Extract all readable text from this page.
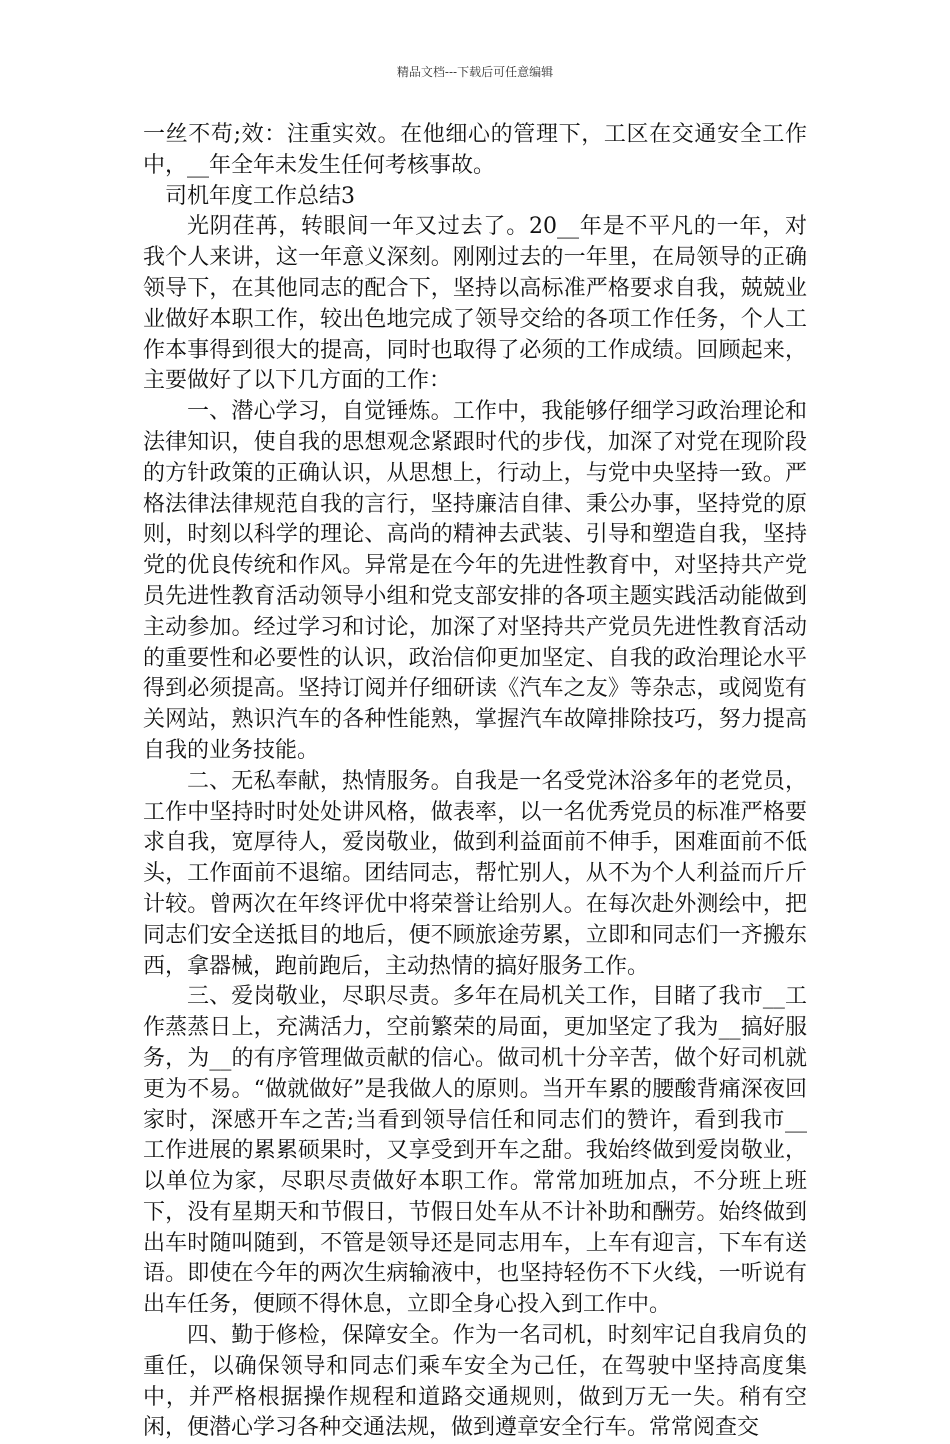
精品文档---下载后可任意编辑

一丝不苟;效：注重实效。在他细心的管理下，工区在交通安全工作中，__年全年未发生任何考核事故。

司机年度工作总结3

光阴荏苒，转眼间一年又过去了。20__年是不平凡的一年，对我个人来讲，这一年意义深刻。刚刚过去的一年里，在局领导的正确领导下，在其他同志的配合下，坚持以高标准严格要求自我，兢兢业业做好本职工作，较出色地完成了领导交给的各项工作任务，个人工作本事得到很大的提高，同时也取得了必须的工作成绩。回顾起来，主要做好了以下几方面的工作：

一、潜心学习，自觉锤炼。工作中，我能够仔细学习政治理论和法律知识，使自我的思想观念紧跟时代的步伐，加深了对党在现阶段的方针政策的正确认识，从思想上，行动上，与党中央坚持一致。严格法律法律规范自我的言行，坚持廉洁自律、秉公办事，坚持党的原则，时刻以科学的理论、高尚的精神去武装、引导和塑造自我，坚持党的优良传统和作风。异常是在今年的先进性教育中，对坚持共产党员先进性教育活动领导小组和党支部安排的各项主题实践活动能做到主动参加。经过学习和讨论，加深了对坚持共产党员先进性教育活动的重要性和必要性的认识，政治信仰更加坚定、自我的政治理论水平得到必须提高。坚持订阅并仔细研读《汽车之友》等杂志，或阅览有关网站，熟识汽车的各种性能熟，掌握汽车故障排除技巧，努力提高自我的业务技能。

二、无私奉献，热情服务。自我是一名受党沐浴多年的老党员，工作中坚持时时处处讲风格，做表率，以一名优秀党员的标准严格要求自我，宽厚待人，爱岗敬业，做到利益面前不伸手，困难面前不低头，工作面前不退缩。团结同志，帮忙别人，从不为个人利益而斤斤计较。曾两次在年终评优中将荣誉让给别人。在每次赴外测绘中，把同志们安全送抵目的地后，便不顾旅途劳累，立即和同志们一齐搬东西，拿器械，跑前跑后，主动热情的搞好服务工作。

三、爱岗敬业，尽职尽责。多年在局机关工作，目睹了我市__工作蒸蒸日上，充满活力，空前繁荣的局面，更加坚定了我为__搞好服务，为__的有序管理做贡献的信心。做司机十分辛苦，做个好司机就更为不易。“做就做好”是我做人的原则。当开车累的腰酸背痛深夜回家时，深感开车之苦;当看到领导信任和同志们的赞许，看到我市__工作进展的累累硕果时，又享受到开车之甜。我始终做到爱岗敬业，以单位为家，尽职尽责做好本职工作。常常加班加点，不分班上班下，没有星期天和节假日，节假日处车从不计补助和酬劳。始终做到出车时随叫随到，不管是领导还是同志用车，上车有迎言，下车有送语。即使在今年的两次生病输液中，也坚持轻伤不下火线，一听说有出车任务，便顾不得休息，立即全身心投入到工作中。

四、勤于修检，保障安全。作为一名司机，时刻牢记自我肩负的重任，以确保领导和同志们乘车安全为己任，在驾驶中坚持高度集中，并严格根据操作规程和道路交通规则，做到万无一失。稍有空闲，便潜心学习各种交通法规，做到遵章安全行车。常常阅查交
